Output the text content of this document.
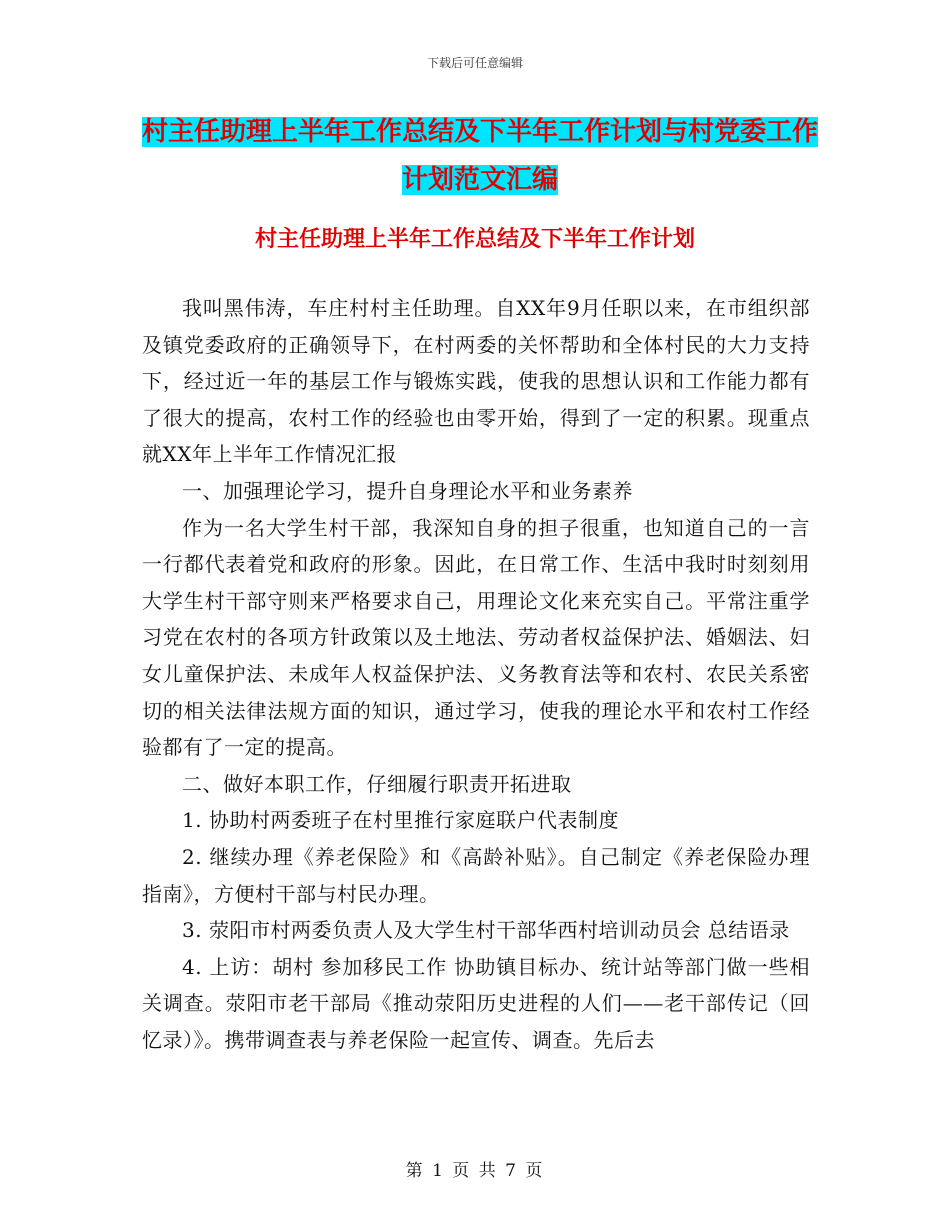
下载后可任意编辑
村主任助理上半年工作总结及下半年工作计划与村党委工作计划范文汇编
村主任助理上半年工作总结及下半年工作计划

我叫黑伟涛，车庄村村主任助理。自XX年9月任职以来，在市组织部及镇党委政府的正确领导下，在村两委的关怀帮助和全体村民的大力支持下，经过近一年的基层工作与锻炼实践，使我的思想认识和工作能力都有了很大的提高，农村工作的经验也由零开始，得到了一定的积累。现重点就XX年上半年工作情况汇报

一、加强理论学习，提升自身理论水平和业务素养

作为一名大学生村干部，我深知自身的担子很重，也知道自己的一言一行都代表着党和政府的形象。因此，在日常工作、生活中我时时刻刻用大学生村干部守则来严格要求自己，用理论文化来充实自己。平常注重学习党在农村的各项方针政策以及土地法、劳动者权益保护法、婚姻法、妇女儿童保护法、未成年人权益保护法、义务教育法等和农村、农民关系密切的相关法律法规方面的知识，通过学习，使我的理论水平和农村工作经验都有了一定的提高。

二、做好本职工作，仔细履行职责开拓进取

1. 协助村两委班子在村里推行家庭联户代表制度

2. 继续办理《养老保险》和《高龄补贴》。自己制定《养老保险办理指南》，方便村干部与村民办理。

3. 荥阳市村两委负责人及大学生村干部华西村培训动员会 总结语录

4. 上访：胡村 参加移民工作 协助镇目标办、统计站等部门做一些相关调查。荥阳市老干部局《推动荥阳历史进程的人们——老干部传记（回忆录）》。携带调查表与养老保险一起宣传、调查。先后去

第 1 页 共 7 页
